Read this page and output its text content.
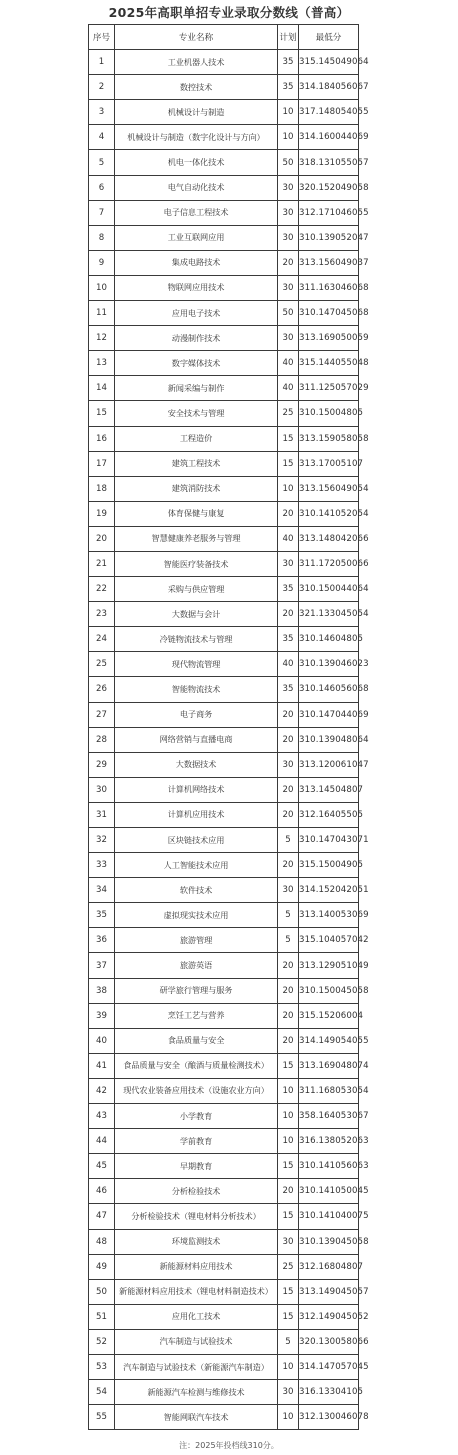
2025年高职单招专业录取分数线（普高）
序号	专业名称	计划	最低分
1	工业机器人技术	35	315.145049064
2	数控技术	35	314.184056067
3	机械设计与制造	10	317.148054055
4	机械设计与制造（数字化设计与方向）	10	314.160044069
5	机电一体化技术	50	318.131055057
6	电气自动化技术	30	320.152049058
7	电子信息工程技术	30	312.171046055
8	工业互联网应用	30	310.139052047
9	集成电路技术	20	313.156049037
10	物联网应用技术	30	311.163046068
11	应用电子技术	50	310.147045068
12	动漫制作技术	30	313.169050059
13	数字媒体技术	40	315.144055048
14	新闻采编与制作	40	311.125057029
15	安全技术与管理	25	310.15004805
16	工程造价	15	313.159058058
17	建筑工程技术	15	313.17005107
18	建筑消防技术	10	313.156049054
19	体育保健与康复	20	310.141052054
20	智慧健康养老服务与管理	40	313.148042066
21	智能医疗装备技术	30	311.172050066
22	采购与供应管理	35	310.150044064
23	大数据与会计	20	321.133045054
24	冷链物流技术与管理	35	310.14604805
25	现代物流管理	40	310.139046023
26	智能物流技术	35	310.146056068
27	电子商务	20	310.147044069
28	网络营销与直播电商	20	310.139048064
29	大数据技术	30	313.120061047
30	计算机网络技术	20	313.14504807
31	计算机应用技术	20	312.16405505
32	区块链技术应用	5	310.147043071
33	人工智能技术应用	20	315.15004905
34	软件技术	30	314.152042051
35	虚拟现实技术应用	5	313.140053069
36	旅游管理	5	315.104057042
37	旅游英语	20	313.129051049
38	研学旅行管理与服务	20	310.150045058
39	烹饪工艺与营养	20	315.15206004
40	食品质量与安全	20	314.149054055
41	食品质量与安全（酿酒与质量检测技术）	15	313.169048074
42	现代农业装备应用技术（设施农业方向）	10	311.168053054
43	小学教育	10	358.164053067
44	学前教育	10	316.138052063
45	早期教育	15	310.141056063
46	分析检验技术	20	310.141050045
47	分析检验技术（锂电材料分析技术）	15	310.141040075
48	环境监测技术	30	310.139045058
49	新能源材料应用技术	25	312.16804807
50	新能源材料应用技术（锂电材料制造技术）	15	313.149045057
51	应用化工技术	15	312.149045052
52	汽车制造与试验技术	5	320.130058066
53	汽车制造与试验技术（新能源汽车制造）	10	314.147057045
54	新能源汽车检测与维修技术	30	316.13304105
55	智能网联汽车技术	10	312.130046078
注：2025年投档线310分。
